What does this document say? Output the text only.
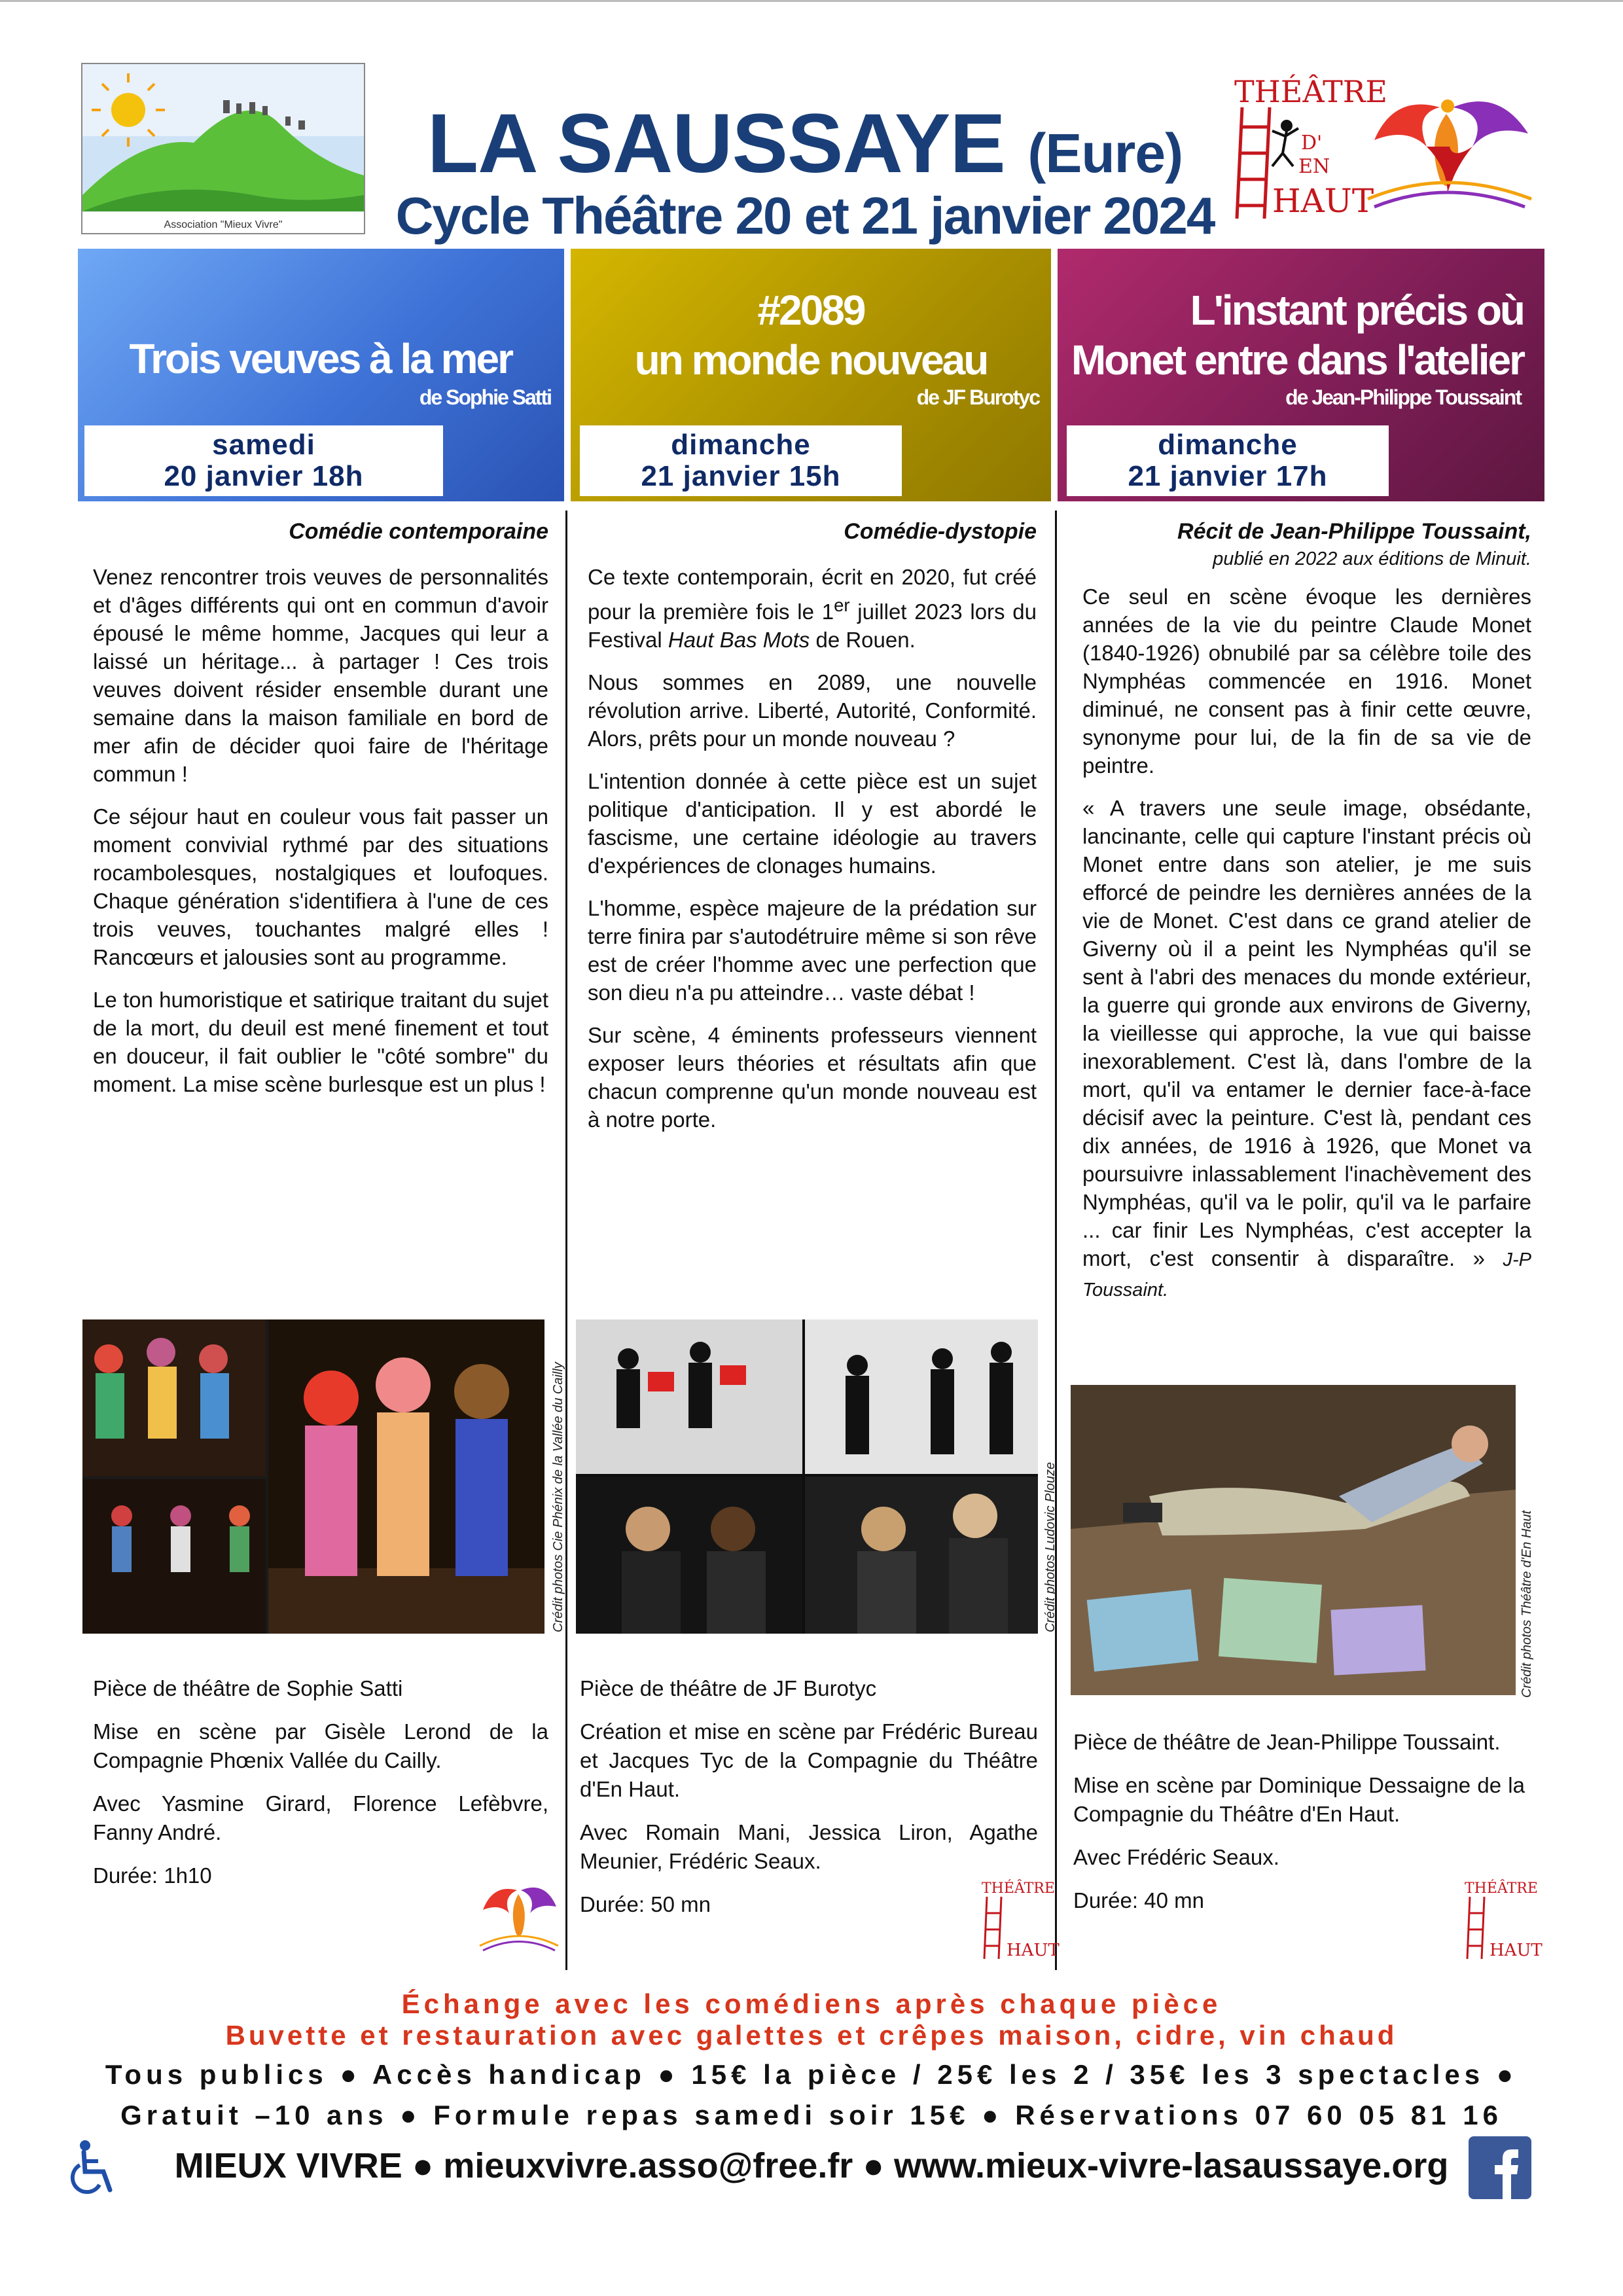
Association "Mieux Vivre"
LA SAUSSAYE (Eure)
Cycle Théâtre 20 et 21 janvier 2024
THÉÂTRE
D'
EN
HAUT
Trois veuves à la mer
de Sophie Satti
samedi
20 janvier 18h
#2089
un monde nouveau
de JF Burotyc
dimanche
21 janvier 15h
L'instant précis où
Monet entre dans l'atelier
de Jean-Philippe Toussaint
dimanche
21 janvier 17h
Comédie contemporaine

Venez rencontrer trois veuves de personnalités et d'âges différents qui ont en commun d'avoir épousé le même homme, Jacques qui leur a laissé un héritage... à partager ! Ces trois veuves doivent résider ensemble durant une semaine dans la maison familiale en bord de mer afin de décider quoi faire de l'héritage commun !

Ce séjour haut en couleur vous fait passer un moment convivial rythmé par des situations rocambolesques, nostalgiques et loufoques. Chaque génération s'identifiera à l'une de ces trois veuves, touchantes malgré elles ! Rancœurs et jalousies sont au programme.

Le ton humoristique et satirique traitant du sujet de la mort, du deuil est mené finement et tout en douceur, il fait oublier le "côté sombre" du moment. La mise scène burlesque est un plus !

Comédie-dystopie

Ce texte contemporain, écrit en 2020, fut créé pour la première fois le 1er juillet 2023 lors du Festival Haut Bas Mots de Rouen.

Nous sommes en 2089, une nouvelle révolution arrive. Liberté, Autorité, Conformité. Alors, prêts pour un monde nouveau ?

L'intention donnée à cette pièce est un sujet politique d'anticipation. Il y est abordé le fascisme, une certaine idéologie au travers d'expériences de clonages humains.

L'homme, espèce majeure de la prédation sur terre finira par s'autodétruire même si son rêve est de créer l'homme avec une perfection que son dieu n'a pu atteindre… vaste débat !

Sur scène, 4 éminents professeurs viennent exposer leurs théories et résultats afin que chacun comprenne qu'un monde nouveau est à notre porte.

Récit de Jean-Philippe Toussaint,
publié en 2022 aux éditions de Minuit.

Ce seul en scène évoque les dernières années de la vie du peintre Claude Monet (1840-1926) obnubilé par sa célèbre toile des Nymphéas commencée en 1916. Monet diminué, ne consent pas à finir cette œuvre, synonyme pour lui, de la fin de sa vie de peintre.

« A travers une seule image, obsédante, lancinante, celle qui capture l'instant précis où Monet entre dans son atelier, je me suis efforcé de peindre les dernières années de la vie de Monet. C'est dans ce grand atelier de Giverny où il a peint les Nymphéas qu'il se sent à l'abri des menaces du monde extérieur, la guerre qui gronde aux environs de Giverny, la vieillesse qui approche, la vue qui baisse inexorablement. C'est là, dans l'ombre de la mort, qu'il va entamer le dernier face-à-face décisif avec la peinture. C'est là, pendant ces dix années, de 1916 à 1926, que Monet va poursuivre inlassablement l'inachèvement des Nymphéas, qu'il va le polir, qu'il va le parfaire ... car finir Les Nymphéas, c'est accepter la mort, c'est consentir à disparaître. » J-P Toussaint.

Crédit photos Cie Phénix de la Vallée du Cailly	Crédit photos Ludovic Plouze	Crédit photos Théâtre d'En Haut

Pièce de théâtre de Sophie Satti

Mise en scène par Gisèle Lerond de la Compagnie Phœnix Vallée du Cailly.

Avec Yasmine Girard, Florence Lefèbvre, Fanny André.

Durée: 1h10

Pièce de théâtre de JF Burotyc

Création et mise en scène par Frédéric Bureau et Jacques Tyc de la Compagnie du Théâtre d'En Haut.

Avec Romain Mani, Jessica Liron, Agathe Meunier, Frédéric Seaux.

Durée: 50 mn

THÉÂTRE
HAUT

Pièce de théâtre de Jean-Philippe Toussaint.

Mise en scène par Dominique Dessaigne de la Compagnie du Théâtre d'En Haut.

Avec Frédéric Seaux.

Durée: 40 mn	THÉÂTRE
HAUT
Échange avec les comédiens après chaque pièce
Buvette et restauration avec galettes et crêpes maison, cidre, vin chaud
Tous publics ● Accès handicap ● 15€ la pièce / 25€ les 2 / 35€ les 3 spectacles ●
Gratuit –10 ans ● Formule repas samedi soir 15€ ● Réservations 07 60 05 81 16
MIEUX VIVRE ● mieuxvivre.asso@free.fr ● www.mieux-vivre-lasaussaye.org
